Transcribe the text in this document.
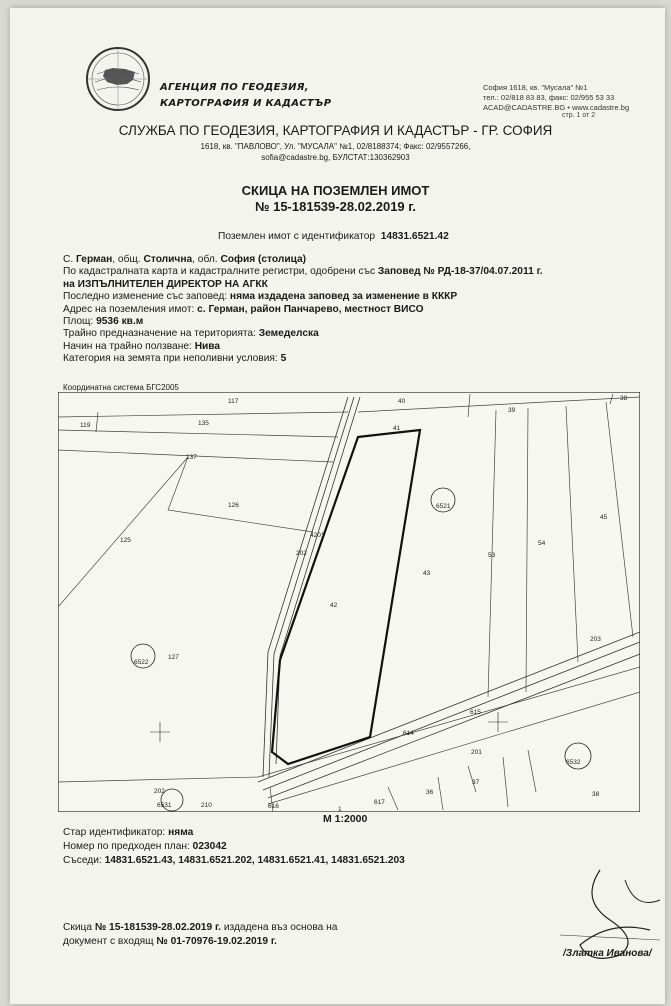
АГЕНЦИЯ ПО ГЕОДЕЗИЯ,
КАРТОГРАФИЯ И КАДАСТЪР
София 1618, кв. "Мусала" №1
тел.: 02/818 83 83, факс: 02/955 53 33
ACAD@CADASTRE.BG • www.cadastre.bg
стр. 1 от 2
СЛУЖБА ПО ГЕОДЕЗИЯ, КАРТОГРАФИЯ И КАДАСТЪР - ГР. СОФИЯ
1618, кв. "ПАВЛОВО", Ул. "МУСАЛА" №1, 02/8188374; Факс: 02/9557266,
sofia@cadastre.bg, БУЛСТАТ:130362903
СКИЦА НА ПОЗЕМЛЕН ИМОТ
№ 15-181539-28.02.2019 г.
Поземлен имот с идентификатор 14831.6521.42
С. Герман, общ. Столична, обл. София (столица)
По кадастралната карта и кадастралните регистри, одобрени със Заповед № РД-18-37/04.07.2011 г.
на ИЗПЪЛНИТЕЛЕН ДИРЕКТОР НА АГКК
Последно изменение със заповед: няма издадена заповед за изменение в КККР
Адрес на поземления имот: с. Герман, район Панчарево, местност ВИСО
Площ: 9536 кв.м
Трайно предназначение на територията: Земеделска
Начин на трайно ползване: Нива
Категория на земята при неполивни условия: 5
Координатна система БГС2005
117	40	38
119	135
39
41
137
126	6521
45
125
4201
202	53
54
43
42
203
6522
127
615
614
201
6532
202
6531	210	616	1
617
36
37
38
М 1:2000
Стар идентификатор: няма
Номер по предходен план: 023042
Съседи: 14831.6521.43, 14831.6521.202, 14831.6521.41, 14831.6521.203
Скица № 15-181539-28.02.2019 г. издадена въз основа на
документ с входящ № 01-70976-19.02.2019 г.
/Златка Иванова/
